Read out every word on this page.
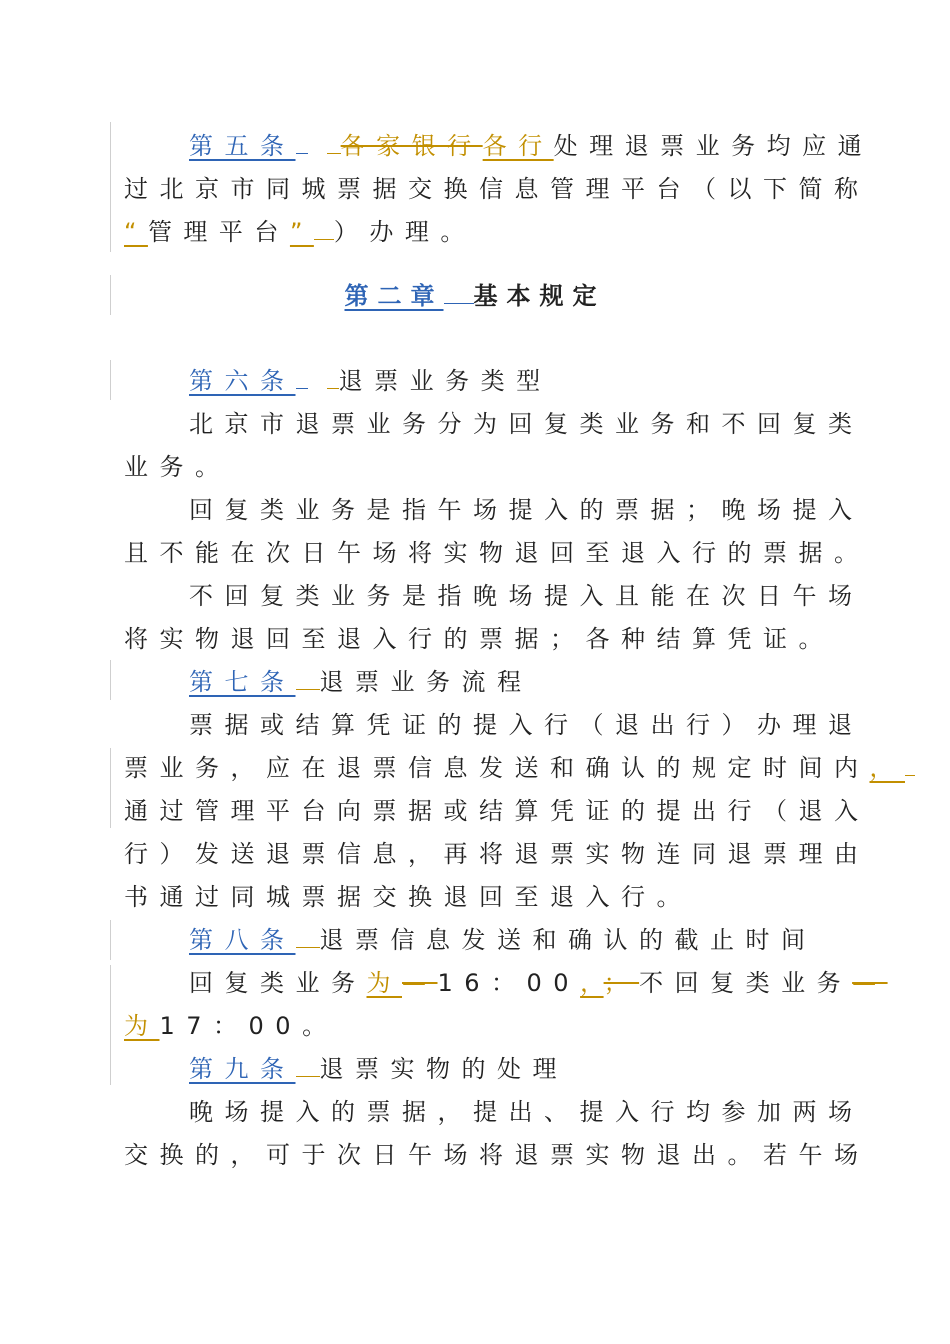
第五条 各家银行各行处理退票业务均应通
过北京市同城票据交换信息管理平台（以下简称
“管理平台” ）办理。
第二章 基本规定
第六条 退票业务类型
北京市退票业务分为回复类业务和不回复类
业务。
回复类业务是指午场提入的票据；晚场提入
且不能在次日午场将实物退回至退入行的票据。
不回复类业务是指晚场提入且能在次日午场
将实物退回至退入行的票据；各种结算凭证。
第七条 退票业务流程
票据或结算凭证的提入行（退出行）办理退
票业务，应在退票信息发送和确认的规定时间内，
通过管理平台向票据或结算凭证的提出行（退入
行）发送退票信息，再将退票实物连同退票理由
书通过同城票据交换退回至退入行。
第八条 退票信息发送和确认的截止时间
回复类业务为—16：00，；不回复类业务—
为17：00。
第九条 退票实物的处理
晚场提入的票据，提出、提入行均参加两场
交换的，可于次日午场将退票实物退出。若午场
